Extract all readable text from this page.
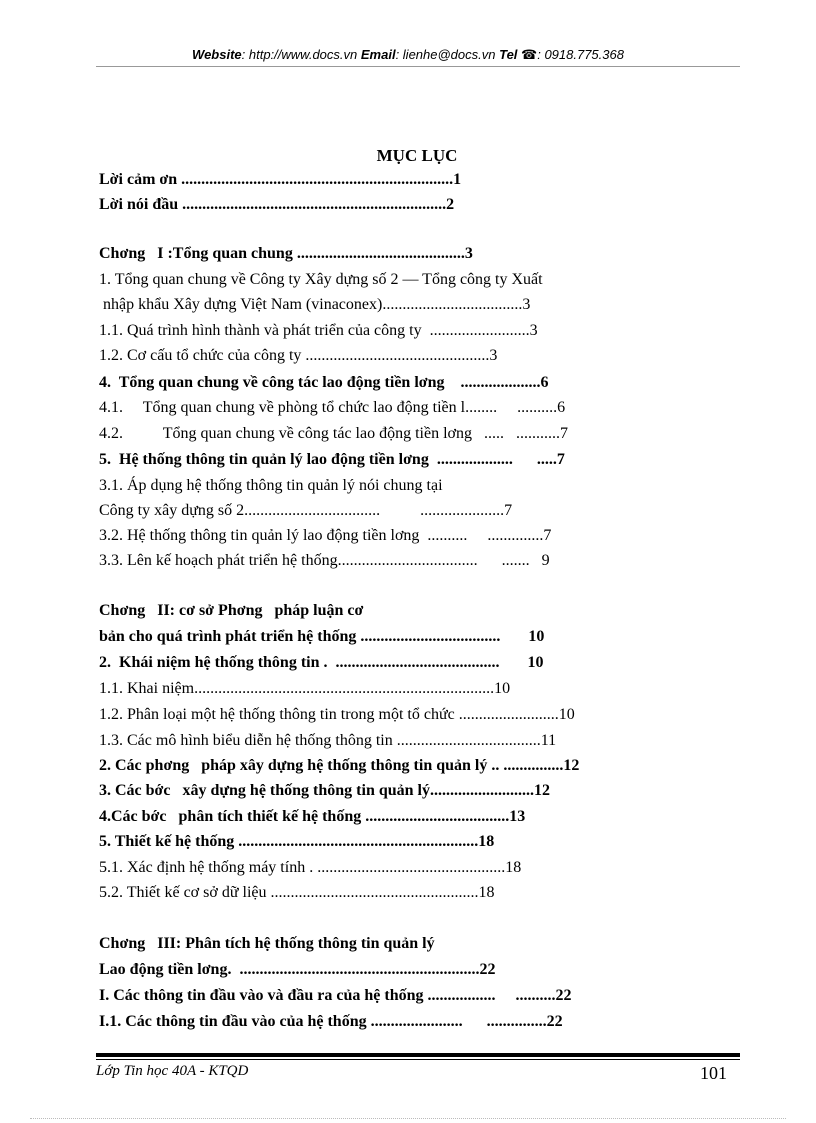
Website: http://www.docs.vn Email: lienhe@docs.vn Tel ☎: 0918.775.368
MỤC LỤC
Lời cảm ơn ....................................................................1
Lời nói đầu ..................................................................2
Chơng   I :Tổng quan chung ..........................................3
1. Tổng quan chung về Công ty Xây dựng số 2 — Tổng công ty Xuất
nhập khẩu Xây dựng Việt Nam (vinaconex)...................................3
1.1. Quá trình hình thành và phát triển của công ty  .........................3
1.2. Cơ cấu tổ chức của công ty ..............................................3
4.  Tổng quan chung về công tác lao động tiền lơng    ....................6
4.1.     Tổng quan chung về phòng tổ chức lao động tiền l........     ..........6
4.2.          Tổng quan chung về công tác lao động tiền lơng   .....   ...........7
5.  Hệ thống thông tin quản lý lao động tiền lơng  ...................      .....7
3.1. Áp dụng hệ thống thông tin quản lý nói chung tại
Công ty xây dựng số 2..................................          .....................7
3.2. Hệ thống thông tin quản lý lao động tiền lơng  ..........     ..............7
3.3. Lên kế hoạch phát triển hệ thống...................................      .......   9
Chơng   II: cơ sở Phơng   pháp luận cơ
bản cho quá trình phát triển hệ thống ...................................       10
2.  Khái niệm hệ thống thông tin .  .........................................       10
1.1. Khai niệm...........................................................................10
1.2. Phân loại một hệ thống thông tin trong một tổ chức .........................10
1.3. Các mô hình biểu diễn hệ thống thông tin ....................................11
2. Các phơng   pháp xây dựng hệ thống thông tin quản lý .. ...............12
3. Các bớc   xây dựng hệ thống thông tin quản lý..........................12
4.Các bớc   phân tích thiết kế hệ thống ....................................13
5. Thiết kế hệ thống ............................................................18
5.1. Xác định hệ thống máy tính . ...............................................18
5.2. Thiết kế cơ sở dữ liệu ....................................................18
Chơng   III: Phân tích hệ thống thông tin quản lý
Lao động tiền lơng.  ............................................................22
I. Các thông tin đầu vào và đầu ra của hệ thống .................     ..........22
I.1. Các thông tin đầu vào của hệ thống .......................      ...............22
Lớp Tin học 40A - KTQD	101
